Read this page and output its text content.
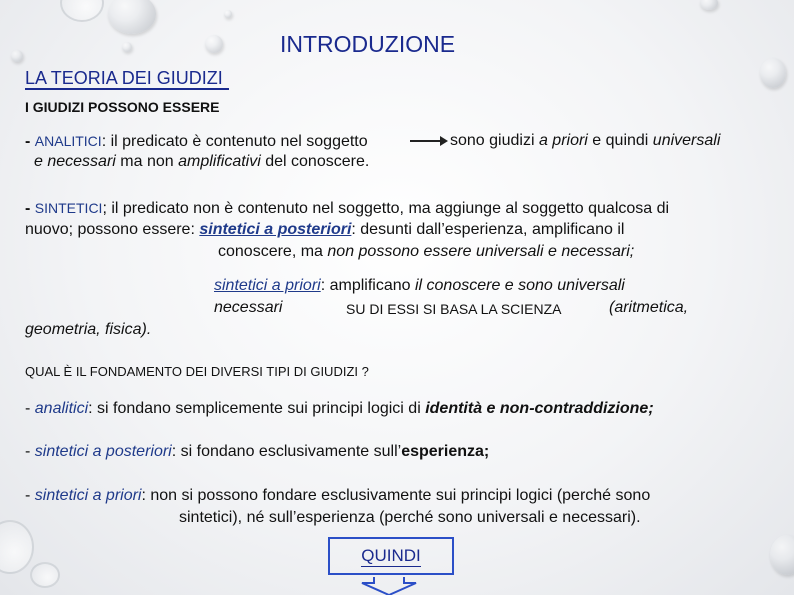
INTRODUZIONE
LA TEORIA DEI GIUDIZI
I GIUDIZI POSSONO ESSERE
- ANALITICI: il predicato è contenuto nel soggetto	sono giudizi a priori e quindi universali
e necessari ma non amplificativi del conoscere.
- SINTETICI; il predicato non è contenuto nel soggetto, ma aggiunge al soggetto qualcosa di
nuovo; possono essere: sintetici a posteriori: desunti dall’esperienza, amplificano il
conoscere, ma non possono essere universali e necessari;
sintetici a priori: amplificano il conoscere e sono universali
necessari	SU DI ESSI SI BASA LA SCIENZA	(aritmetica,
geometria, fisica).
QUAL È IL FONDAMENTO DEI DIVERSI TIPI DI GIUDIZI ?
- analitici: si fondano semplicemente sui principi logici di identità e non-contraddizione;
- sintetici a posteriori: si fondano esclusivamente sull’esperienza;
- sintetici a priori: non si possono fondare esclusivamente sui principi logici (perché sono
sintetici), né sull’esperienza (perché sono universali e necessari).
QUINDI
